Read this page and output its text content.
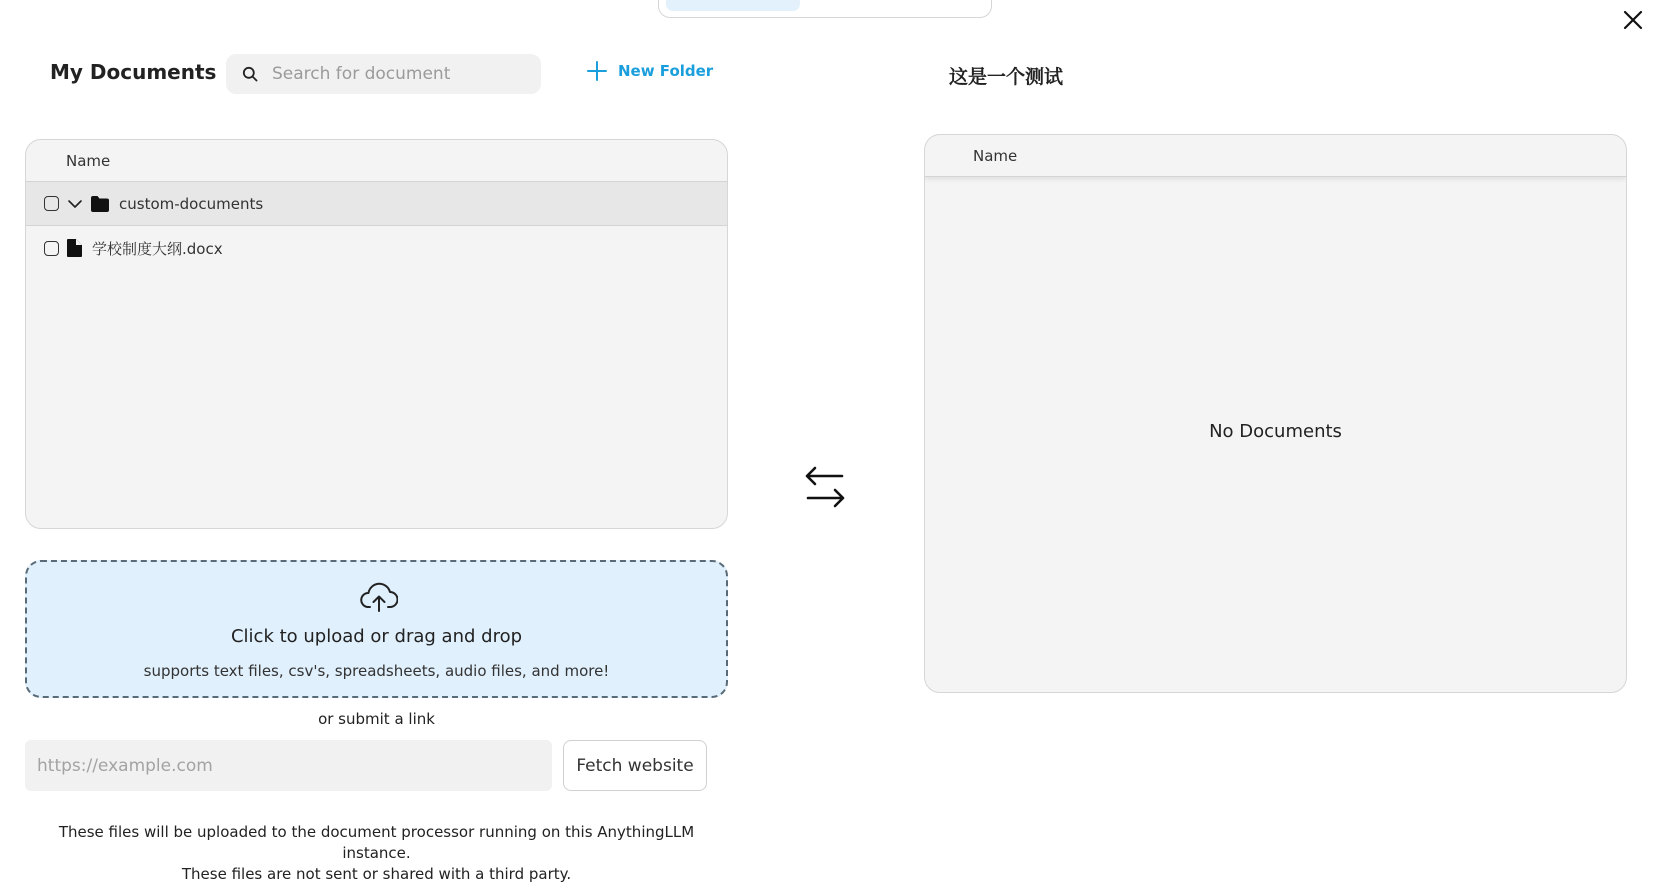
My Documents
Search for document	New Folder
Name
custom-documents
学校制度大纲.docx
Click to upload or drag and drop
supports text files, csv's, spreadsheets, audio files, and more!
or submit a link
https://example.com
Fetch website
These files will be uploaded to the document processor running on this AnythingLLM instance.
These files are not sent or shared with a third party.
这是一个测试
Name
No Documents
